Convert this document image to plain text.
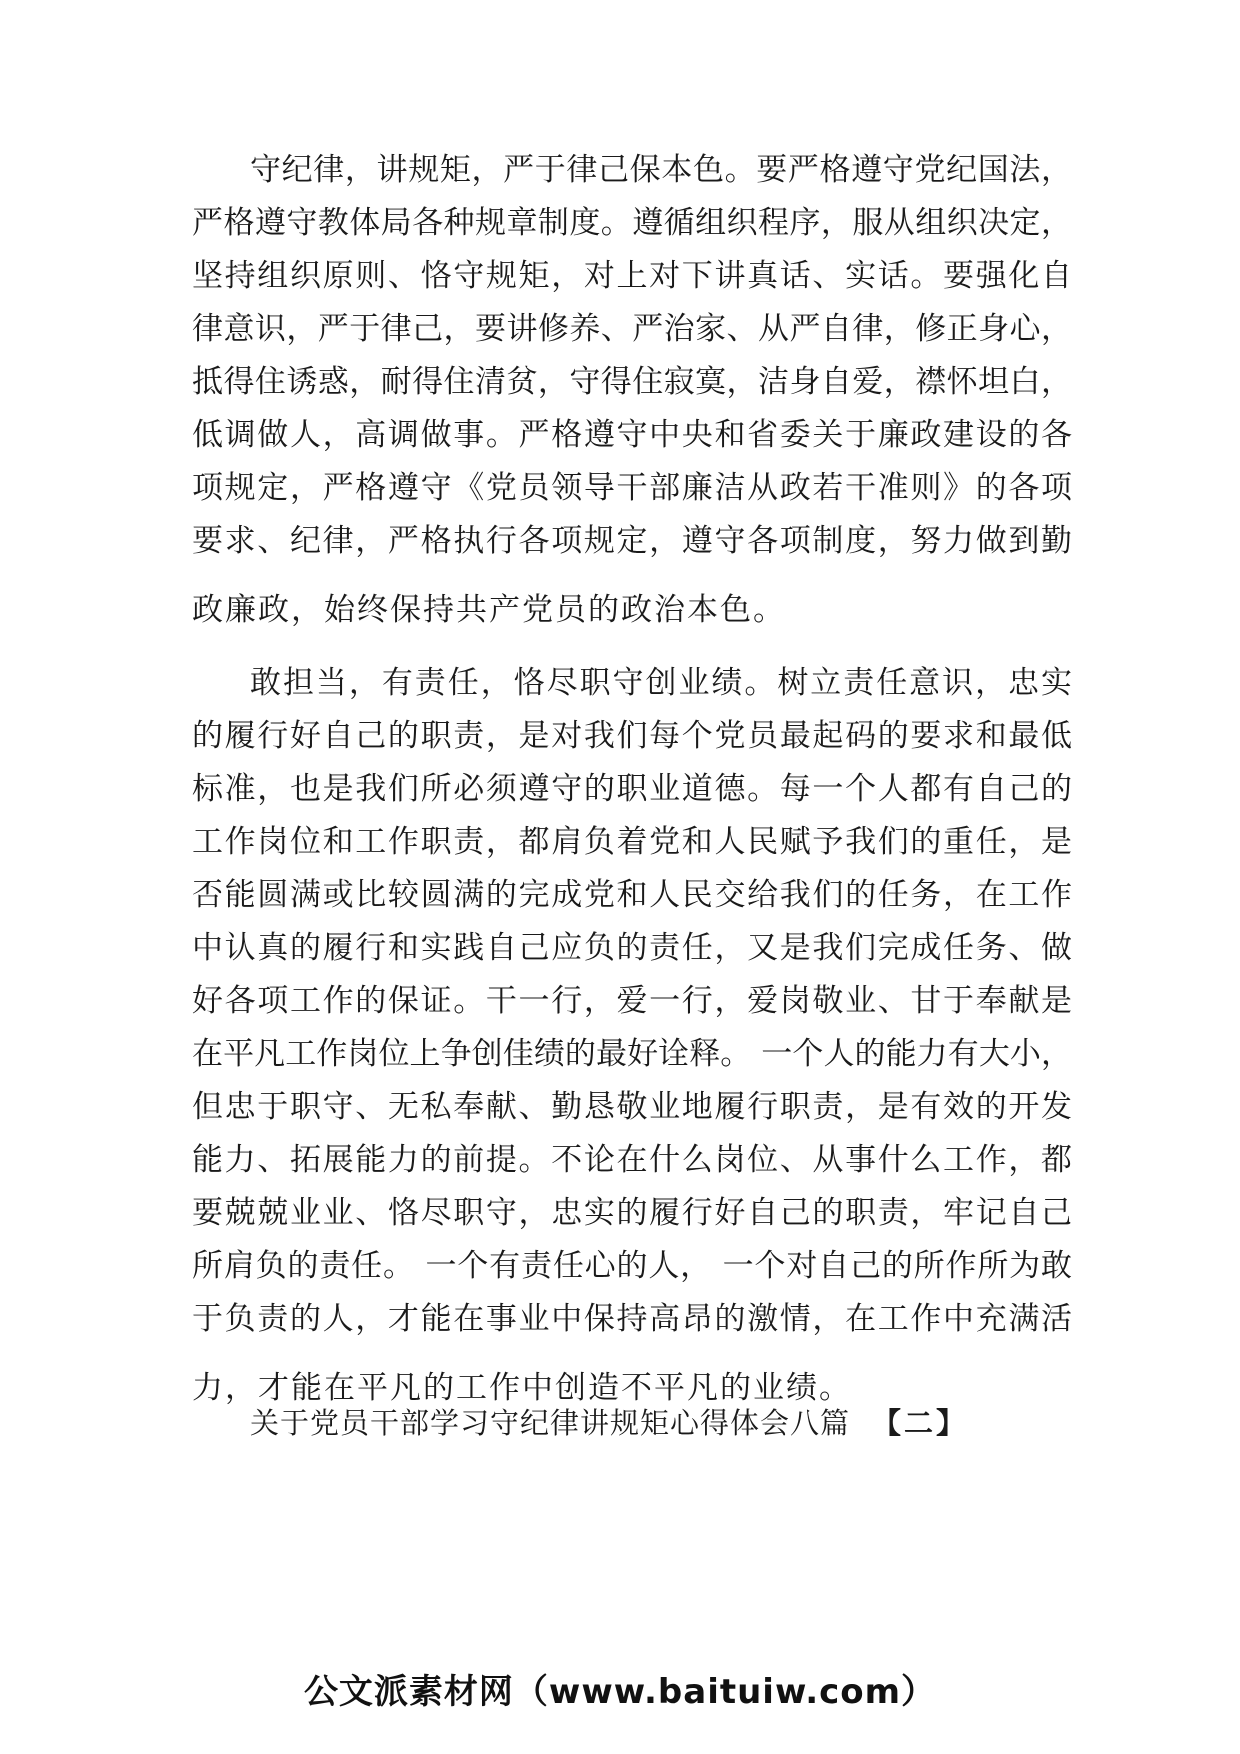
守纪律，讲规矩，严于律己保本色。要严格遵守党纪国法，
严格遵守教体局各种规章制度。遵循组织程序，服从组织决定，
坚持组织原则、恪守规矩，对上对下讲真话、实话。要强化自
律意识，严于律己，要讲修养、严治家、从严自律，修正身心，
抵得住诱惑，耐得住清贫，守得住寂寞，洁身自爱，襟怀坦白，
低调做人，高调做事。严格遵守中央和省委关于廉政建设的各
项规定，严格遵守《党员领导干部廉洁从政若干准则》的各项
要求、纪律，严格执行各项规定，遵守各项制度，努力做到勤
政廉政，始终保持共产党员的政治本色。
敢担当，有责任，恪尽职守创业绩。树立责任意识，忠实
的履行好自己的职责，是对我们每个党员最起码的要求和最低
标准，也是我们所必须遵守的职业道德。每一个人都有自己的
工作岗位和工作职责，都肩负着党和人民赋予我们的重任，是
否能圆满或比较圆满的完成党和人民交给我们的任务，在工作
中认真的履行和实践自己应负的责任，又是我们完成任务、做
好各项工作的保证。干一行，爱一行，爱岗敬业、甘于奉献是
在平凡工作岗位上争创佳绩的最好诠释。 一个人的能力有大小，
但忠于职守、无私奉献、勤恳敬业地履行职责，是有效的开发
能力、拓展能力的前提。不论在什么岗位、从事什么工作，都
要兢兢业业、恪尽职守，忠实的履行好自己的职责，牢记自己
所肩负的责任。 一个有责任心的人， 一个对自己的所作所为敢
于负责的人，才能在事业中保持高昂的激情，在工作中充满活
力，才能在平凡的工作中创造不平凡的业绩。
关于党员干部学习守纪律讲规矩心得体会八篇 【二】
公文派素材网（www.baituiw.com）
